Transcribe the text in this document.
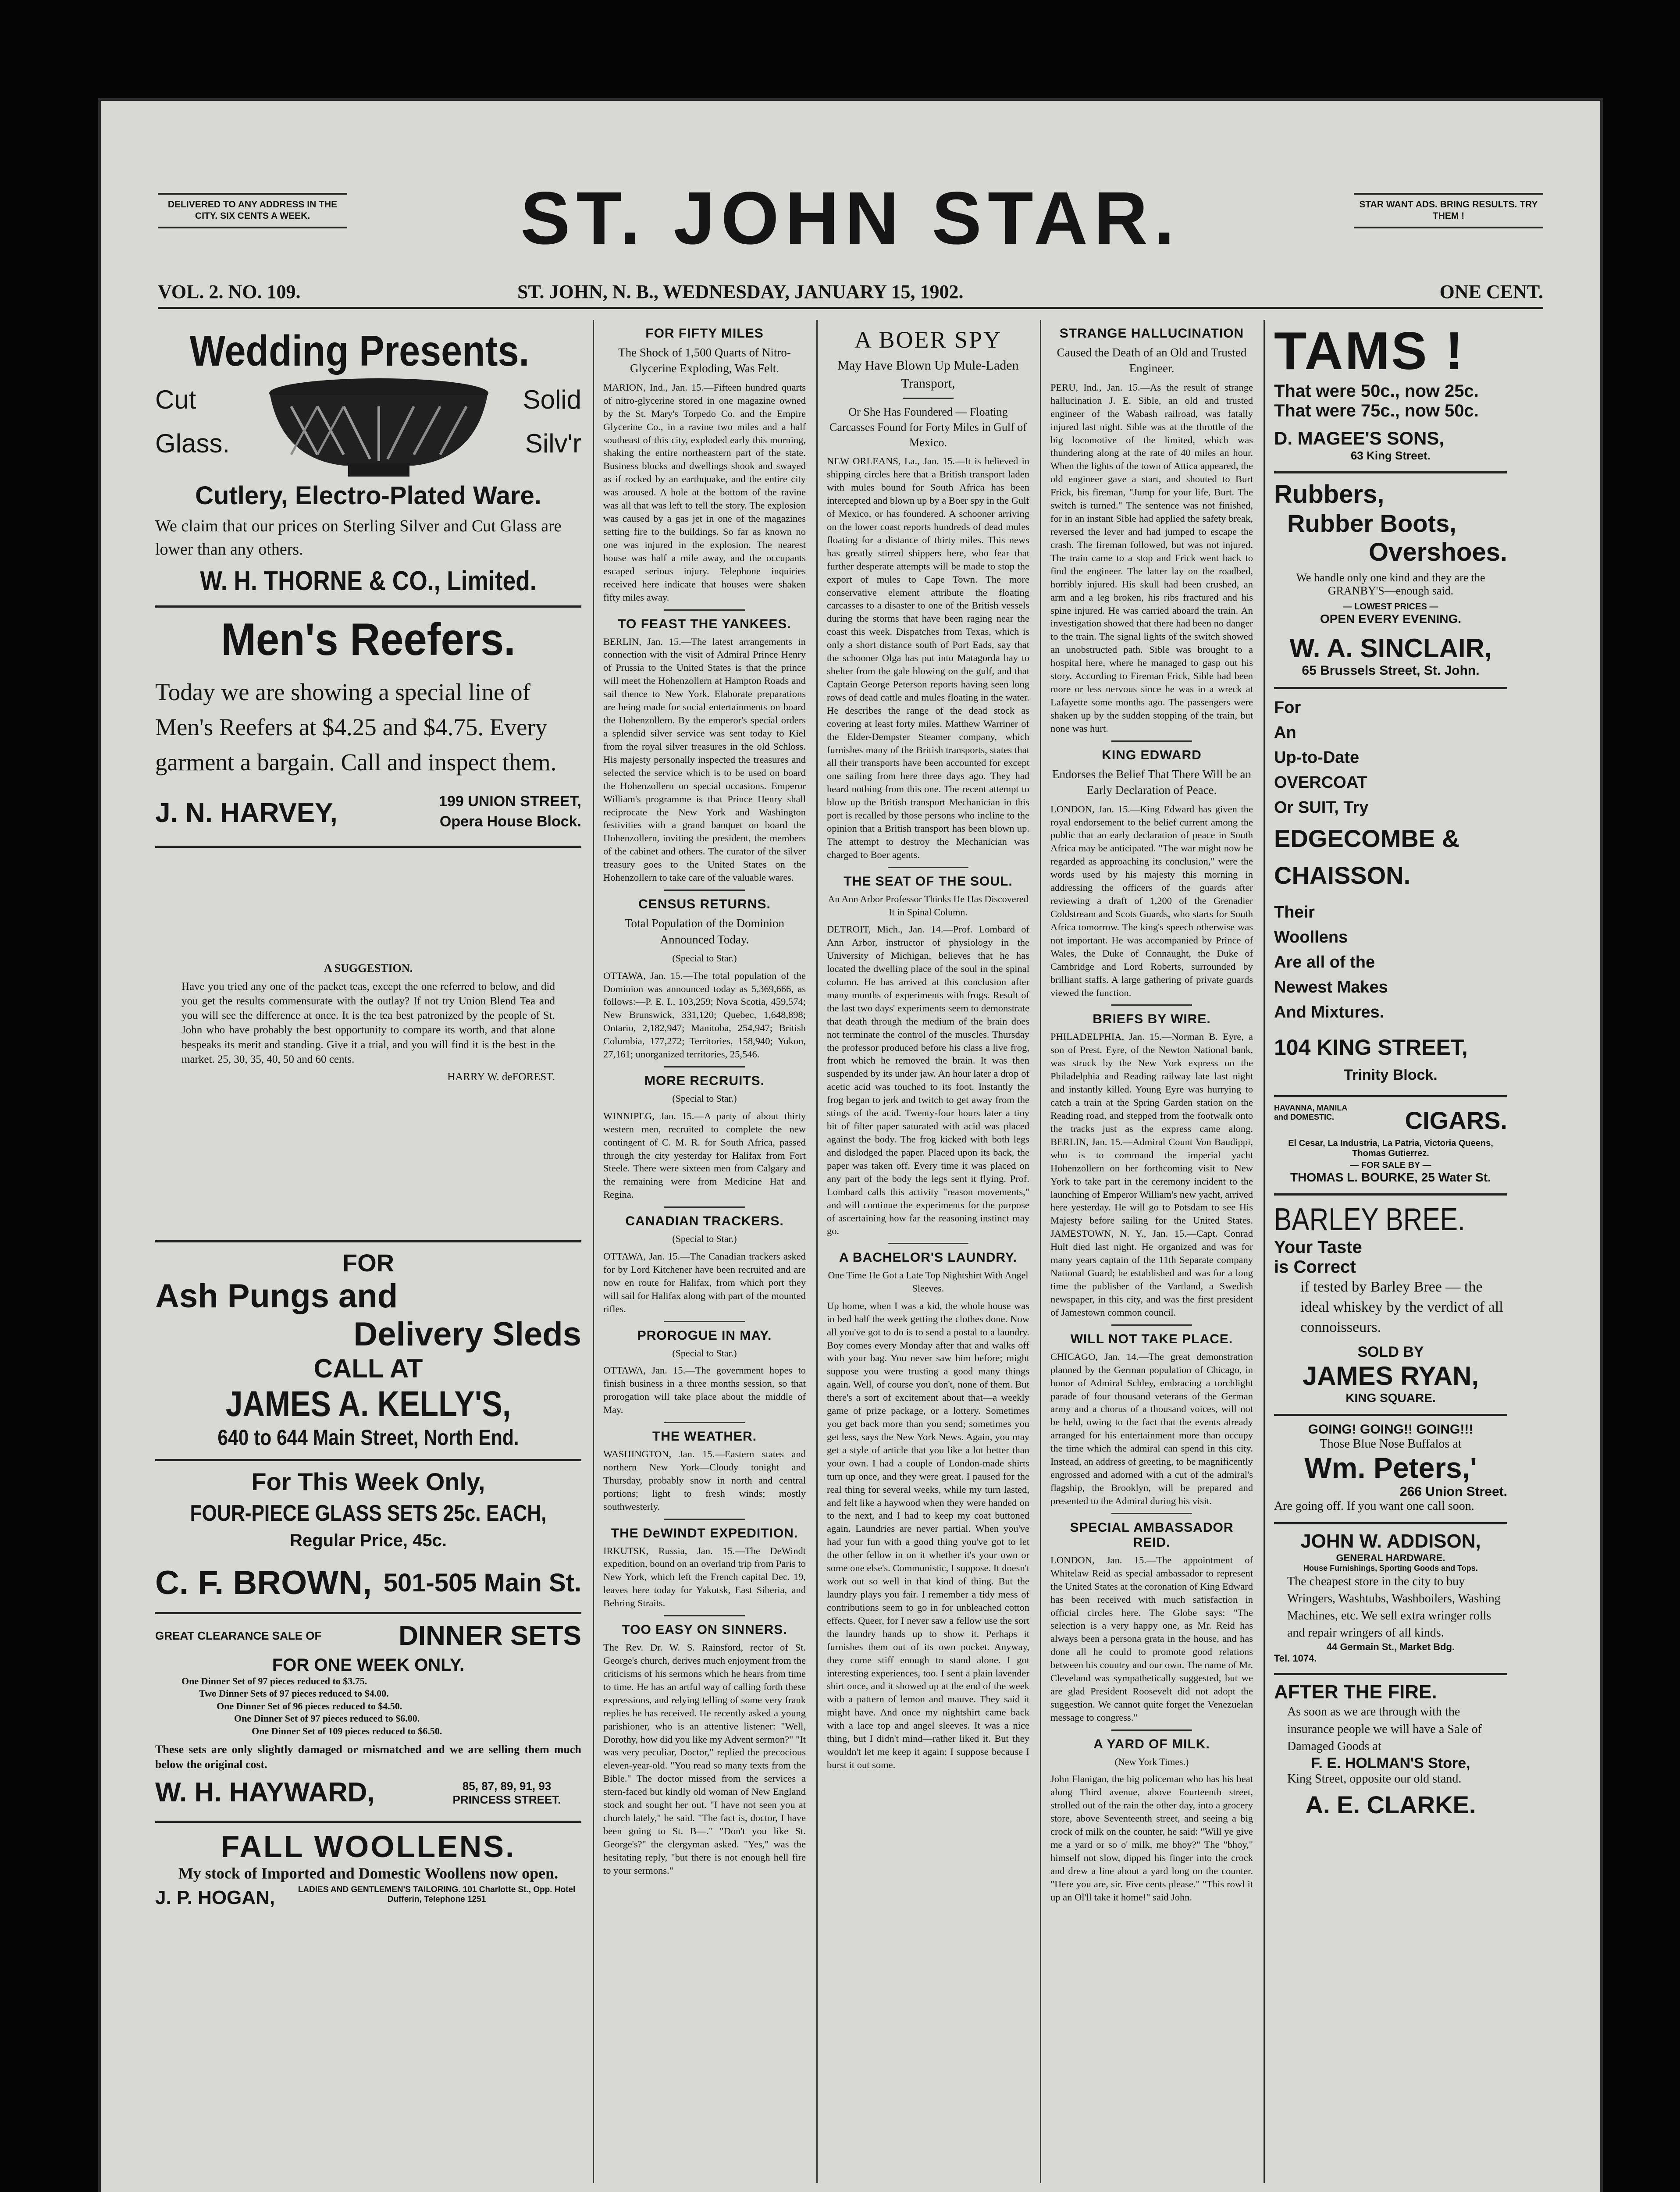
DELIVERED TO ANY ADDRESS IN THE CITY. SIX CENTS A WEEK.	ST. JOHN STAR.	STAR WANT ADS. BRING RESULTS. TRY THEM !
VOL. 2. NO. 109.	ST. JOHN, N. B., WEDNESDAY, JANUARY 15, 1902.	ONE CENT.
Wedding Presents.
Cut
Glass.
Solid
Silv'r
Cutlery, Electro-Plated Ware.
We claim that our prices on Sterling Silver and Cut Glass are lower than any others.
W. H. THORNE & CO., Limited.
Men's Reefers.
Today we are showing a special line of Men's Reefers at $4.25 and $4.75. Every garment a bargain. Call and inspect them.
J. N. HARVEY,	199 UNION STREET,
Opera House Block.
A SUGGESTION.
Have you tried any one of the packet teas, except the one referred to below, and did you get the results commensurate with the outlay? If not try Union Blend Tea and you will see the difference at once. It is the tea best patronized by the people of St. John who have probably the best opportunity to compare its worth, and that alone bespeaks its merit and standing. Give it a trial, and you will find it is the best in the market. 25, 30, 35, 40, 50 and 60 cents.
HARRY W. deFOREST.
FOR
Ash Pungs and
Delivery Sleds
CALL AT
JAMES A. KELLY'S,
640 to 644 Main Street, North End.
For This Week Only,
FOUR-PIECE GLASS SETS 25c. EACH,
Regular Price, 45c.
C. F. BROWN, 501-505 Main St.
GREAT CLEARANCE SALE OF	DINNER SETS
FOR ONE WEEK ONLY.
One Dinner Set of 97 pieces reduced to $3.75.
Two Dinner Sets of 97 pieces reduced to $4.00.
One Dinner Set of 96 pieces reduced to $4.50.
One Dinner Set of 97 pieces reduced to $6.00.
One Dinner Set of 109 pieces reduced to $6.50.
These sets are only slightly damaged or mismatched and we are selling them much below the original cost.
W. H. HAYWARD,	85, 87, 89, 91, 93 PRINCESS STREET.
FALL WOOLLENS.
My stock of Imported and Domestic Woollens now open.
J. P. HOGAN,	LADIES AND GENTLEMEN'S TAILORING. 101 Charlotte St., Opp. Hotel Dufferin, Telephone 1251
FOR FIFTY MILES
The Shock of 1,500 Quarts of Nitro-Glycerine Exploding, Was Felt.
MARION, Ind., Jan. 15.—Fifteen hundred quarts of nitro-glycerine stored in one magazine owned by the St. Mary's Torpedo Co. and the Empire Glycerine Co., in a ravine two miles and a half southeast of this city, exploded early this morning, shaking the entire northeastern part of the state. Business blocks and dwellings shook and swayed as if rocked by an earthquake, and the entire city was aroused. A hole at the bottom of the ravine was all that was left to tell the story. The explosion was caused by a gas jet in one of the magazines setting fire to the buildings. So far as known no one was injured in the explosion. The nearest house was half a mile away, and the occupants escaped serious injury. Telephone inquiries received here indicate that houses were shaken fifty miles away.
TO FEAST THE YANKEES.
BERLIN, Jan. 15.—The latest arrangements in connection with the visit of Admiral Prince Henry of Prussia to the United States is that the prince will meet the Hohenzollern at Hampton Roads and sail thence to New York. Elaborate preparations are being made for social entertainments on board the Hohenzollern. By the emperor's special orders a splendid silver service was sent today to Kiel from the royal silver treasures in the old Schloss. His majesty personally inspected the treasures and selected the service which is to be used on board the Hohenzollern on special occasions. Emperor William's programme is that Prince Henry shall reciprocate the New York and Washington festivities with a grand banquet on board the Hohenzollern, inviting the president, the members of the cabinet and others. The curator of the silver treasury goes to the United States on the Hohenzollern to take care of the valuable wares.
CENSUS RETURNS.
Total Population of the Dominion Announced Today.
(Special to Star.)
OTTAWA, Jan. 15.—The total population of the Dominion was announced today as 5,369,666, as follows:—P. E. I., 103,259; Nova Scotia, 459,574; New Brunswick, 331,120; Quebec, 1,648,898; Ontario, 2,182,947; Manitoba, 254,947; British Columbia, 177,272; Territories, 158,940; Yukon, 27,161; unorganized territories, 25,546.
MORE RECRUITS.
(Special to Star.)
WINNIPEG, Jan. 15.—A party of about thirty western men, recruited to complete the new contingent of C. M. R. for South Africa, passed through the city yesterday for Halifax from Fort Steele. There were sixteen men from Calgary and the remaining were from Medicine Hat and Regina.
CANADIAN TRACKERS.
(Special to Star.)
OTTAWA, Jan. 15.—The Canadian trackers asked for by Lord Kitchener have been recruited and are now en route for Halifax, from which port they will sail for Halifax along with part of the mounted rifles.
PROROGUE IN MAY.
(Special to Star.)
OTTAWA, Jan. 15.—The government hopes to finish business in a three months session, so that prorogation will take place about the middle of May.
THE WEATHER.
WASHINGTON, Jan. 15.—Eastern states and northern New York—Cloudy tonight and Thursday, probably snow in north and central portions; light to fresh winds; mostly southwesterly.
THE DeWINDT EXPEDITION.
IRKUTSK, Russia, Jan. 15.—The DeWindt expedition, bound on an overland trip from Paris to New York, which left the French capital Dec. 19, leaves here today for Yakutsk, East Siberia, and Behring Straits.
TOO EASY ON SINNERS.
The Rev. Dr. W. S. Rainsford, rector of St. George's church, derives much enjoyment from the criticisms of his sermons which he hears from time to time. He has an artful way of calling forth these expressions, and relying telling of some very frank replies he has received. He recently asked a young parishioner, who is an attentive listener: "Well, Dorothy, how did you like my Advent sermon?" "It was very peculiar, Doctor," replied the precocious eleven-year-old. "You read so many texts from the Bible." The doctor missed from the services a stern-faced but kindly old woman of New England stock and sought her out. "I have not seen you at church lately," he said. "The fact is, doctor, I have been going to St. B—." "Don't you like St. George's?" the clergyman asked. "Yes," was the hesitating reply, "but there is not enough hell fire to your sermons."
A BOER SPY
May Have Blown Up Mule-Laden Transport,
Or She Has Foundered — Floating Carcasses Found for Forty Miles in Gulf of Mexico.
NEW ORLEANS, La., Jan. 15.—It is believed in shipping circles here that a British transport laden with mules bound for South Africa has been intercepted and blown up by a Boer spy in the Gulf of Mexico, or has foundered. A schooner arriving on the lower coast reports hundreds of dead mules floating for a distance of thirty miles. This news has greatly stirred shippers here, who fear that further desperate attempts will be made to stop the export of mules to Cape Town. The more conservative element attribute the floating carcasses to a disaster to one of the British vessels during the storms that have been raging near the coast this week. Dispatches from Texas, which is only a short distance south of Port Eads, say that the schooner Olga has put into Matagorda bay to shelter from the gale blowing on the gulf, and that Captain George Peterson reports having seen long rows of dead cattle and mules floating in the water. He describes the range of the dead stock as covering at least forty miles. Matthew Warriner of the Elder-Dempster Steamer company, which furnishes many of the British transports, states that all their transports have been accounted for except one sailing from here three days ago. They had heard nothing from this one. The recent attempt to blow up the British transport Mechanician in this port is recalled by those persons who incline to the opinion that a British transport has been blown up. The attempt to destroy the Mechanician was charged to Boer agents.
THE SEAT OF THE SOUL.
An Ann Arbor Professor Thinks He Has Discovered It in Spinal Column.
DETROIT, Mich., Jan. 14.—Prof. Lombard of Ann Arbor, instructor of physiology in the University of Michigan, believes that he has located the dwelling place of the soul in the spinal column. He has arrived at this conclusion after many months of experiments with frogs. Result of the last two days' experiments seem to demonstrate that death through the medium of the brain does not terminate the control of the muscles. Thursday the professor produced before his class a live frog, from which he removed the brain. It was then suspended by its under jaw. An hour later a drop of acetic acid was touched to its foot. Instantly the frog began to jerk and twitch to get away from the stings of the acid. Twenty-four hours later a tiny bit of filter paper saturated with acid was placed against the body. The frog kicked with both legs and dislodged the paper. Placed upon its back, the paper was taken off. Every time it was placed on any part of the body the legs sent it flying. Prof. Lombard calls this activity "reason movements," and will continue the experiments for the purpose of ascertaining how far the reasoning instinct may go.
A BACHELOR'S LAUNDRY.
One Time He Got a Late Top Nightshirt With Angel Sleeves.
Up home, when I was a kid, the whole house was in bed half the week getting the clothes done. Now all you've got to do is to send a postal to a laundry. Boy comes every Monday after that and walks off with your bag. You never saw him before; might suppose you were trusting a good many things again. Well, of course you don't, none of them. But there's a sort of excitement about that—a weekly game of prize package, or a lottery. Sometimes you get back more than you send; sometimes you get less, says the New York News. Again, you may get a style of article that you like a lot better than your own. I had a couple of London-made shirts turn up once, and they were great. I paused for the real thing for several weeks, while my turn lasted, and felt like a haywood when they were handed on to the next, and I had to keep my coat buttoned again. Laundries are never partial. When you've had your fun with a good thing you've got to let the other fellow in on it whether it's your own or some one else's. Communistic, I suppose. It doesn't work out so well in that kind of thing. But the laundry plays you fair. I remember a tidy mess of contributions seem to go in for unbleached cotton effects. Queer, for I never saw a fellow use the sort the laundry hands up to show it. Perhaps it furnishes them out of its own pocket. Anyway, they come stiff enough to stand alone. I got interesting experiences, too. I sent a plain lavender shirt once, and it showed up at the end of the week with a pattern of lemon and mauve. They said it might have. And once my nightshirt came back with a lace top and angel sleeves. It was a nice thing, but I didn't mind—rather liked it. But they wouldn't let me keep it again; I suppose because I burst it out some.
STRANGE HALLUCINATION
Caused the Death of an Old and Trusted Engineer.
PERU, Ind., Jan. 15.—As the result of strange hallucination J. E. Sible, an old and trusted engineer of the Wabash railroad, was fatally injured last night. Sible was at the throttle of the big locomotive of the limited, which was thundering along at the rate of 40 miles an hour. When the lights of the town of Attica appeared, the old engineer gave a start, and shouted to Burt Frick, his fireman, "Jump for your life, Burt. The switch is turned." The sentence was not finished, for in an instant Sible had applied the safety break, reversed the lever and had jumped to escape the crash. The fireman followed, but was not injured. The train came to a stop and Frick went back to find the engineer. The latter lay on the roadbed, horribly injured. His skull had been crushed, an arm and a leg broken, his ribs fractured and his spine injured. He was carried aboard the train. An investigation showed that there had been no danger to the train. The signal lights of the switch showed an unobstructed path. Sible was brought to a hospital here, where he managed to gasp out his story. According to Fireman Frick, Sible had been more or less nervous since he was in a wreck at Lafayette some months ago. The passengers were shaken up by the sudden stopping of the train, but none was hurt.
KING EDWARD
Endorses the Belief That There Will be an Early Declaration of Peace.
LONDON, Jan. 15.—King Edward has given the royal endorsement to the belief current among the public that an early declaration of peace in South Africa may be anticipated. "The war might now be regarded as approaching its conclusion," were the words used by his majesty this morning in addressing the officers of the guards after reviewing a draft of 1,200 of the Grenadier Coldstream and Scots Guards, who starts for South Africa tomorrow. The king's speech otherwise was not important. He was accompanied by Prince of Wales, the Duke of Connaught, the Duke of Cambridge and Lord Roberts, surrounded by brilliant staffs. A large gathering of private guards viewed the function.
BRIEFS BY WIRE.
PHILADELPHIA, Jan. 15.—Norman B. Eyre, a son of Prest. Eyre, of the Newton National bank, was struck by the New York express on the Philadelphia and Reading railway late last night and instantly killed. Young Eyre was hurrying to catch a train at the Spring Garden station on the Reading road, and stepped from the footwalk onto the tracks just as the express came along. BERLIN, Jan. 15.—Admiral Count Von Baudippi, who is to command the imperial yacht Hohenzollern on her forthcoming visit to New York to take part in the ceremony incident to the launching of Emperor William's new yacht, arrived here yesterday. He will go to Potsdam to see His Majesty before sailing for the United States. JAMESTOWN, N. Y., Jan. 15.—Capt. Conrad Hult died last night. He organized and was for many years captain of the 11th Separate company National Guard; he established and was for a long time the publisher of the Vartland, a Swedish newspaper, in this city, and was the first president of Jamestown common council.
WILL NOT TAKE PLACE.
CHICAGO, Jan. 14.—The great demonstration planned by the German population of Chicago, in honor of Admiral Schley, embracing a torchlight parade of four thousand veterans of the German army and a chorus of a thousand voices, will not be held, owing to the fact that the events already arranged for his entertainment more than occupy the time which the admiral can spend in this city. Instead, an address of greeting, to be magnificently engrossed and adorned with a cut of the admiral's flagship, the Brooklyn, will be prepared and presented to the Admiral during his visit.
SPECIAL AMBASSADOR REID.
LONDON, Jan. 15.—The appointment of Whitelaw Reid as special ambassador to represent the United States at the coronation of King Edward has been received with much satisfaction in official circles here. The Globe says: "The selection is a very happy one, as Mr. Reid has always been a persona grata in the house, and has done all he could to promote good relations between his country and our own. The name of Mr. Cleveland was sympathetically suggested, but we are glad President Roosevelt did not adopt the suggestion. We cannot quite forget the Venezuelan message to congress."
A YARD OF MILK.
(New York Times.)
John Flanigan, the big policeman who has his beat along Third avenue, above Fourteenth street, strolled out of the rain the other day, into a grocery store, above Seventeenth street, and seeing a big crock of milk on the counter, he said: "Will ye give me a yard or so o' milk, me bhoy?" The "bhoy," himself not slow, dipped his finger into the crock and drew a line about a yard long on the counter. "Here you are, sir. Five cents please." "This rowl it up an Ol'll take it home!" said John.
TAMS !
That were 50c., now 25c.
That were 75c., now 50c.
D. MAGEE'S SONS,
63 King Street.
Rubbers,
Rubber Boots,
Overshoes.
We handle only one kind and they are the GRANBY'S—enough said.
— LOWEST PRICES —
OPEN EVERY EVENING.
W. A. SINCLAIR,
65 Brussels Street, St. John.
For
An
Up-to-Date
OVERCOAT
Or SUIT, Try
EDGECOMBE &
CHAISSON.
Their
Woollens
Are all of the
Newest Makes
And Mixtures.
104 KING STREET,
Trinity Block.
HAVANNA, MANILA and DOMESTIC.	CIGARS.
El Cesar, La Industria, La Patria, Victoria Queens, Thomas Gutierrez.
— FOR SALE BY —
THOMAS L. BOURKE, 25 Water St.
BARLEY BREE.
Your Taste
is Correct
if tested by Barley Bree — the ideal whiskey by the verdict of all connoisseurs.
SOLD BY
JAMES RYAN,
KING SQUARE.
GOING! GOING!! GOING!!!
Those Blue Nose Buffalos at
Wm. Peters,'
266 Union Street.
Are going off. If you want one call soon.
JOHN W. ADDISON,
GENERAL HARDWARE.
House Furnishings, Sporting Goods and Tops.
The cheapest store in the city to buy Wringers, Washtubs, Washboilers, Washing Machines, etc. We sell extra wringer rolls and repair wringers of all kinds.
44 Germain St., Market Bdg.
Tel. 1074.
AFTER THE FIRE.
As soon as we are through with the insurance people we will have a Sale of Damaged Goods at
F. E. HOLMAN'S Store,
King Street, opposite our old stand.
A. E. CLARKE.
